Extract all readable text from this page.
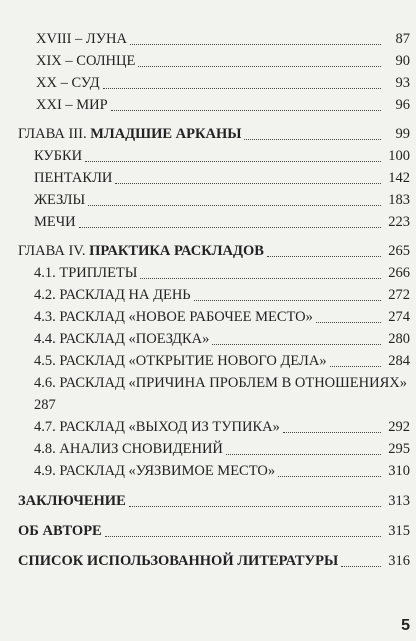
XVIII – ЛУНА	87
XIX – СОЛНЦЕ	90
XX – СУД	93
XXI – МИР	96
ГЛАВА III. МЛАДШИЕ АРКАНЫ	99
КУБКИ	100
ПЕНТАКЛИ	142
ЖЕЗЛЫ	183
МЕЧИ	223
ГЛАВА IV. ПРАКТИКА РАСКЛАДОВ	265
4.1. ТРИПЛЕТЫ	266
4.2. РАСКЛАД НА ДЕНЬ	272
4.3. РАСКЛАД «НОВОЕ РАБОЧЕЕ МЕСТО»	274
4.4. РАСКЛАД «ПОЕЗДКА»	280
4.5. РАСКЛАД «ОТКРЫТИЕ НОВОГО ДЕЛА»	284
4.6. РАСКЛАД «ПРИЧИНА ПРОБЛЕМ В ОТНОШЕНИЯХ»
287
4.7. РАСКЛАД «ВЫХОД ИЗ ТУПИКА»	292
4.8. АНАЛИЗ СНОВИДЕНИЙ	295
4.9. РАСКЛАД «УЯЗВИМОЕ МЕСТО»	310
ЗАКЛЮЧЕНИЕ	313
ОБ АВТОРЕ	315
СПИСОК ИСПОЛЬЗОВАННОЙ ЛИТЕРАТУРЫ	316
5
